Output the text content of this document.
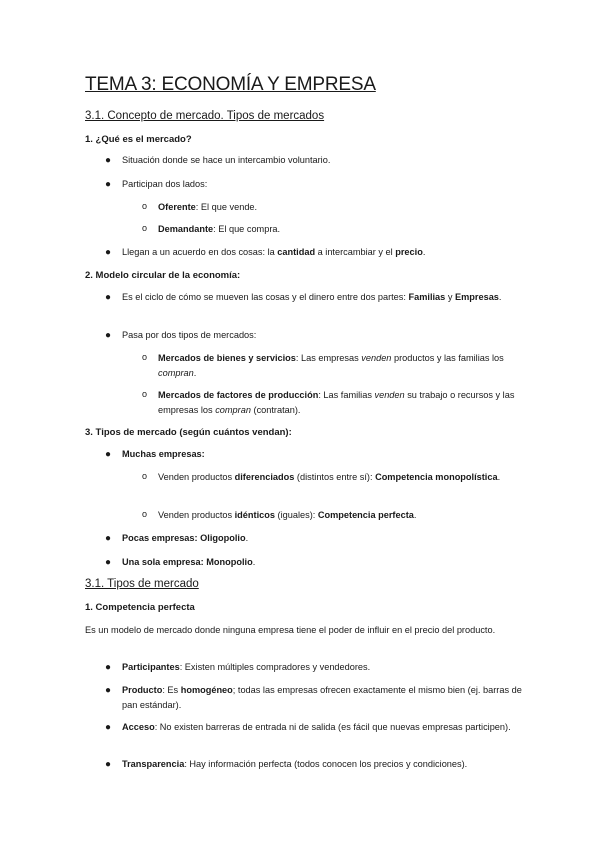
TEMA 3: ECONOMÍA Y EMPRESA
3.1. Concepto de mercado. Tipos de mercados
1. ¿Qué es el mercado?
● Situación donde se hace un intercambio voluntario.
● Participan dos lados:
o Oferente: El que vende.
o Demandante: El que compra.
● Llegan a un acuerdo en dos cosas: la cantidad a intercambiar y el precio.
2. Modelo circular de la economía:
● Es el ciclo de cómo se mueven las cosas y el dinero entre dos partes: Familias y Empresas.
● Pasa por dos tipos de mercados:
o Mercados de bienes y servicios: Las empresas venden productos y las familias los compran.
o Mercados de factores de producción: Las familias venden su trabajo o recursos y las empresas los compran (contratan).
3. Tipos de mercado (según cuántos vendan):
● Muchas empresas:
o Venden productos diferenciados (distintos entre sí): Competencia monopolística.
o Venden productos idénticos (iguales): Competencia perfecta.
● Pocas empresas: Oligopolio.
● Una sola empresa: Monopolio.
3.1. Tipos de mercado
1. Competencia perfecta
Es un modelo de mercado donde ninguna empresa tiene el poder de influir en el precio del producto.
● Participantes: Existen múltiples compradores y vendedores.
● Producto: Es homogéneo; todas las empresas ofrecen exactamente el mismo bien (ej. barras de pan estándar).
● Acceso: No existen barreras de entrada ni de salida (es fácil que nuevas empresas participen).
● Transparencia: Hay información perfecta (todos conocen los precios y condiciones).
